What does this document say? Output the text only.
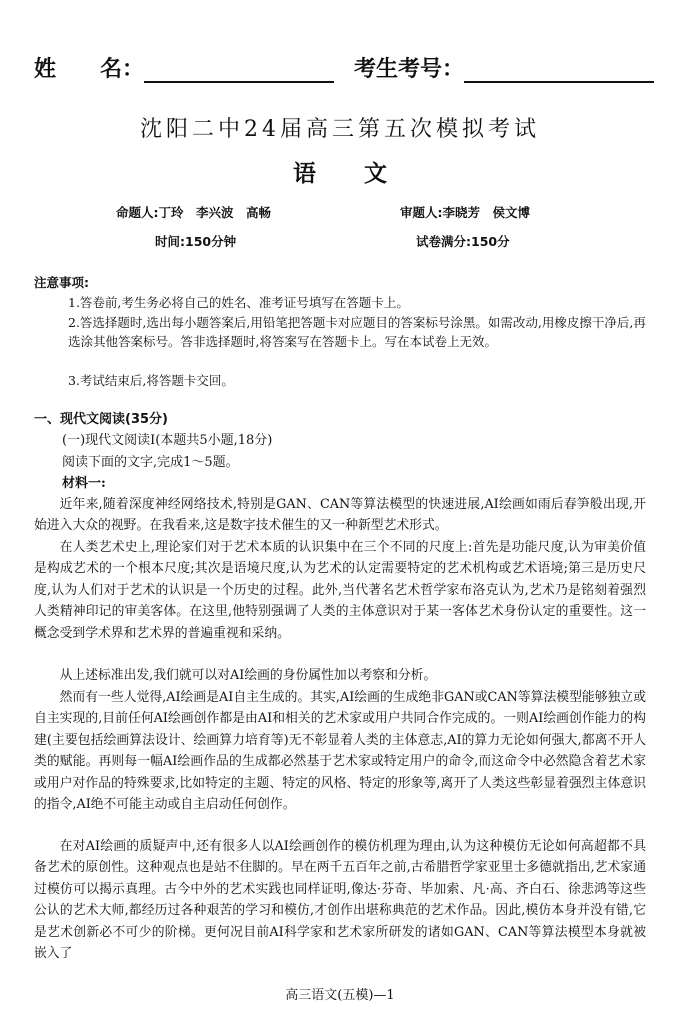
姓　　名：	考生考号：
沈阳二中24届高三第五次模拟考试
语 文
命题人:丁玲　李兴波　高畅	审题人:李晓芳　侯文博
时间:150分钟	试卷满分:150分
注意事项:
1.答卷前,考生务必将自己的姓名、准考证号填写在答题卡上。
2.答选择题时,选出每小题答案后,用铅笔把答题卡对应题目的答案标号涂黑。如需改动,用橡皮擦干净后,再选涂其他答案标号。答非选择题时,将答案写在答题卡上。写在本试卷上无效。
3.考试结束后,将答题卡交回。
一、现代文阅读(35分)
(一)现代文阅读Ⅰ(本题共5小题,18分)
阅读下面的文字,完成1～5题。
材料一:
近年来,随着深度神经网络技术,特别是GAN、CAN等算法模型的快速进展,AI绘画如雨后春笋般出现,开始进入大众的视野。在我看来,这是数字技术催生的又一种新型艺术形式。
在人类艺术史上,理论家们对于艺术本质的认识集中在三个不同的尺度上:首先是功能尺度,认为审美价值是构成艺术的一个根本尺度;其次是语境尺度,认为艺术的认定需要特定的艺术机构或艺术语境;第三是历史尺度,认为人们对于艺术的认识是一个历史的过程。此外,当代著名艺术哲学家布洛克认为,艺术乃是铭刻着强烈人类精神印记的审美客体。在这里,他特别强调了人类的主体意识对于某一客体艺术身份认定的重要性。这一概念受到学术界和艺术界的普遍重视和采纳。
从上述标准出发,我们就可以对AI绘画的身份属性加以考察和分析。
然而有一些人觉得,AI绘画是AI自主生成的。其实,AI绘画的生成绝非GAN或CAN等算法模型能够独立或自主实现的,目前任何AI绘画创作都是由AI和相关的艺术家或用户共同合作完成的。一则AI绘画创作能力的构建(主要包括绘画算法设计、绘画算力培育等)无不彰显着人类的主体意志,AI的算力无论如何强大,都离不开人类的赋能。再则每一幅AI绘画作品的生成都必然基于艺术家或特定用户的命令,而这命令中必然隐含着艺术家或用户对作品的特殊要求,比如特定的主题、特定的风格、特定的形象等,离开了人类这些彰显着强烈主体意识的指令,AI绝不可能主动或自主启动任何创作。
在对AI绘画的质疑声中,还有很多人以AI绘画创作的模仿机理为理由,认为这种模仿无论如何高超都不具备艺术的原创性。这种观点也是站不住脚的。早在两千五百年之前,古希腊哲学家亚里士多德就指出,艺术家通过模仿可以揭示真理。古今中外的艺术实践也同样证明,像达·芬奇、毕加索、凡·高、齐白石、徐悲鸿等这些公认的艺术大师,都经历过各种艰苦的学习和模仿,才创作出堪称典范的艺术作品。因此,模仿本身并没有错,它是艺术创新必不可少的阶梯。更何况目前AI科学家和艺术家所研发的诸如GAN、CAN等算法模型本身就被嵌入了
高三语文(五模)—1
